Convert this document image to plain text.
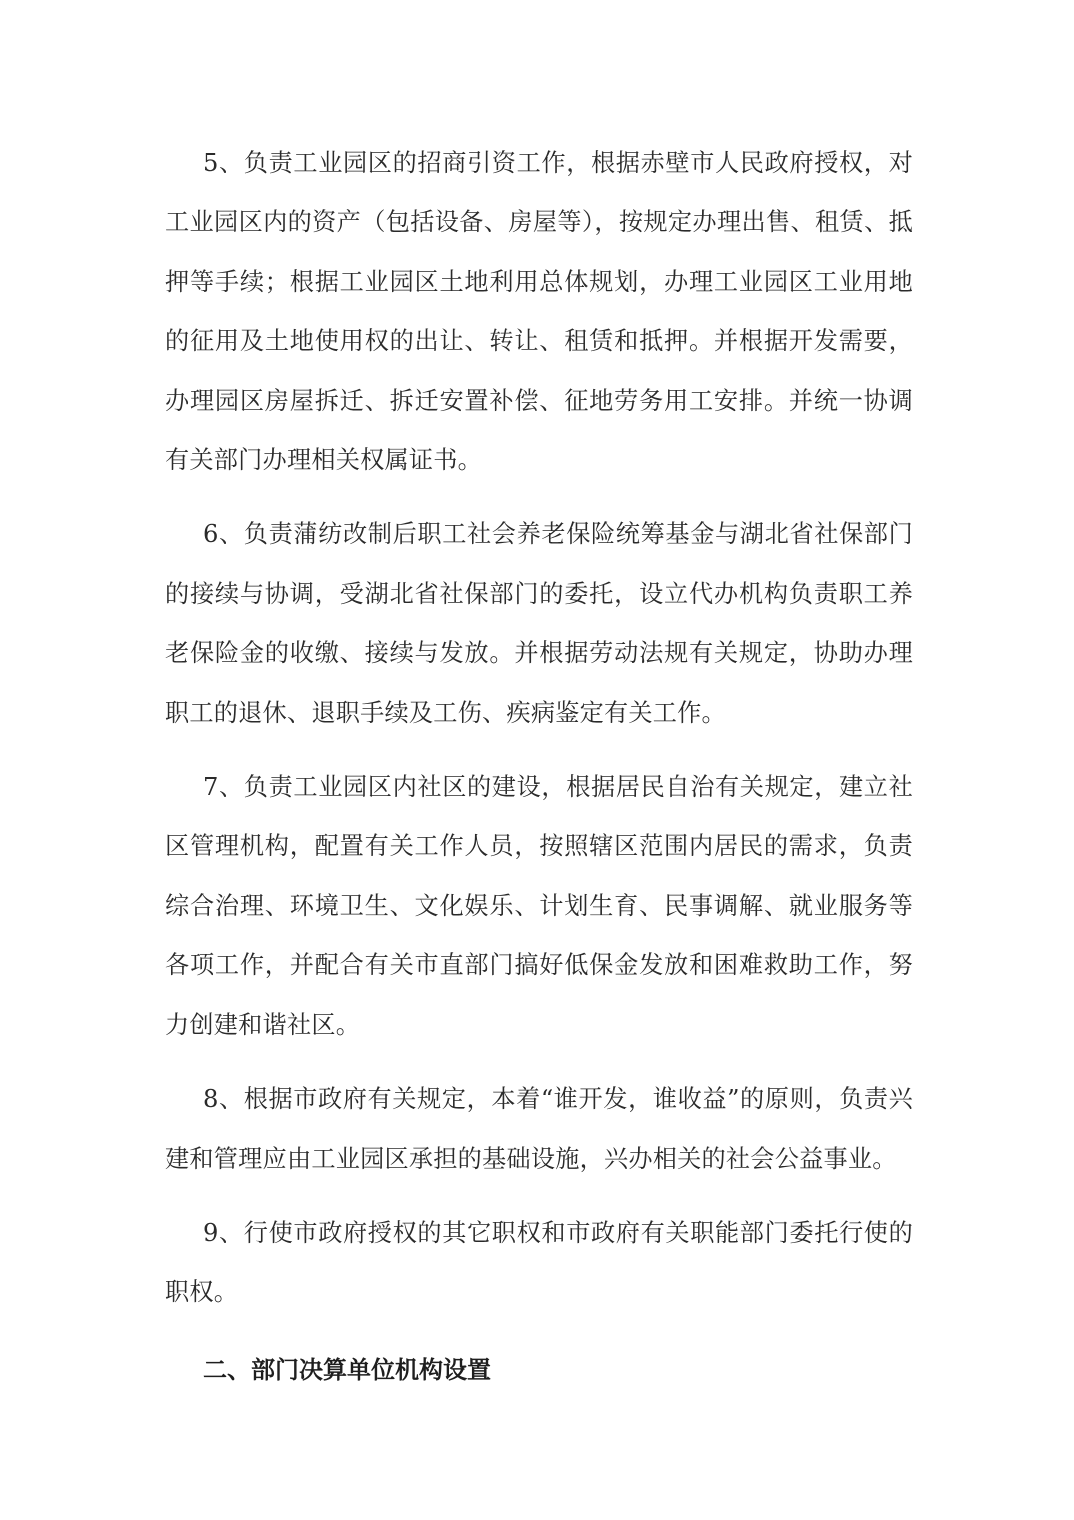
5、负责工业园区的招商引资工作，根据赤壁市人民政府授权，对工业园区内的资产（包括设备、房屋等），按规定办理出售、租赁、抵押等手续；根据工业园区土地利用总体规划，办理工业园区工业用地的征用及土地使用权的出让、转让、租赁和抵押。并根据开发需要，办理园区房屋拆迁、拆迁安置补偿、征地劳务用工安排。并统一协调有关部门办理相关权属证书。

6、负责蒲纺改制后职工社会养老保险统筹基金与湖北省社保部门的接续与协调，受湖北省社保部门的委托，设立代办机构负责职工养老保险金的收缴、接续与发放。并根据劳动法规有关规定，协助办理职工的退休、退职手续及工伤、疾病鉴定有关工作。

7、负责工业园区内社区的建设，根据居民自治有关规定，建立社区管理机构，配置有关工作人员，按照辖区范围内居民的需求，负责综合治理、环境卫生、文化娱乐、计划生育、民事调解、就业服务等各项工作，并配合有关市直部门搞好低保金发放和困难救助工作，努力创建和谐社区。

8、根据市政府有关规定，本着“谁开发，谁收益”的原则，负责兴建和管理应由工业园区承担的基础设施，兴办相关的社会公益事业。

9、行使市政府授权的其它职权和市政府有关职能部门委托行使的职权。

二、部门决算单位机构设置
